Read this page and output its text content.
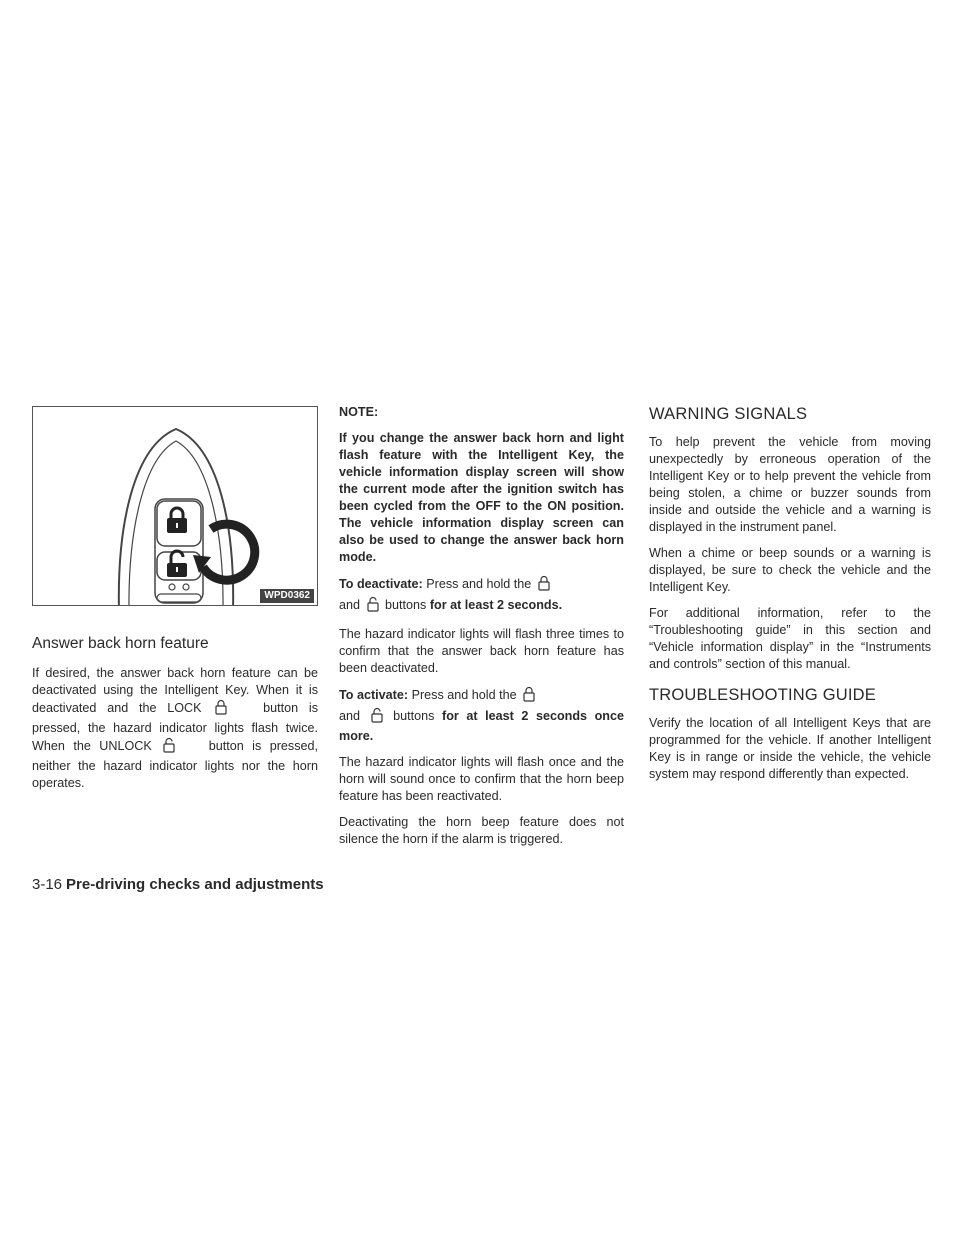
WPD0362
Answer back horn feature

If desired, the answer back horn feature can be deactivated using the Intelligent Key. When it is deactivated and the LOCK	button is pressed, the hazard indicator lights flash twice. When the UNLOCK	button is pressed, neither the hazard indicator lights nor the horn operates.

NOTE:

If you change the answer back horn and light flash feature with the Intelligent Key, the vehicle information display screen will show the current mode after the ignition switch has been cycled from the OFF to the ON position. The vehicle information display screen can also be used to change the answer back horn mode.

To deactivate: Press and hold the
and buttons for at least 2 seconds.

The hazard indicator lights will flash three times to confirm that the answer back horn feature has been deactivated.

To activate: Press and hold the
and	buttons for at least 2 seconds once more.

The hazard indicator lights will flash once and the horn will sound once to confirm that the horn beep feature has been reactivated.

Deactivating the horn beep feature does not silence the horn if the alarm is triggered.

WARNING SIGNALS

To help prevent the vehicle from moving unexpectedly by erroneous operation of the Intelligent Key or to help prevent the vehicle from being stolen, a chime or buzzer sounds from inside and outside the vehicle and a warning is displayed in the instrument panel.

When a chime or beep sounds or a warning is displayed, be sure to check the vehicle and the Intelligent Key.

For additional information, refer to the “Troubleshooting guide” in this section and “Vehicle information display” in the “Instruments and controls” section of this manual.

TROUBLESHOOTING GUIDE

Verify the location of all Intelligent Keys that are programmed for the vehicle. If another Intelligent Key is in range or inside the vehicle, the vehicle system may respond differently than expected.

3-16 Pre-driving checks and adjustments
